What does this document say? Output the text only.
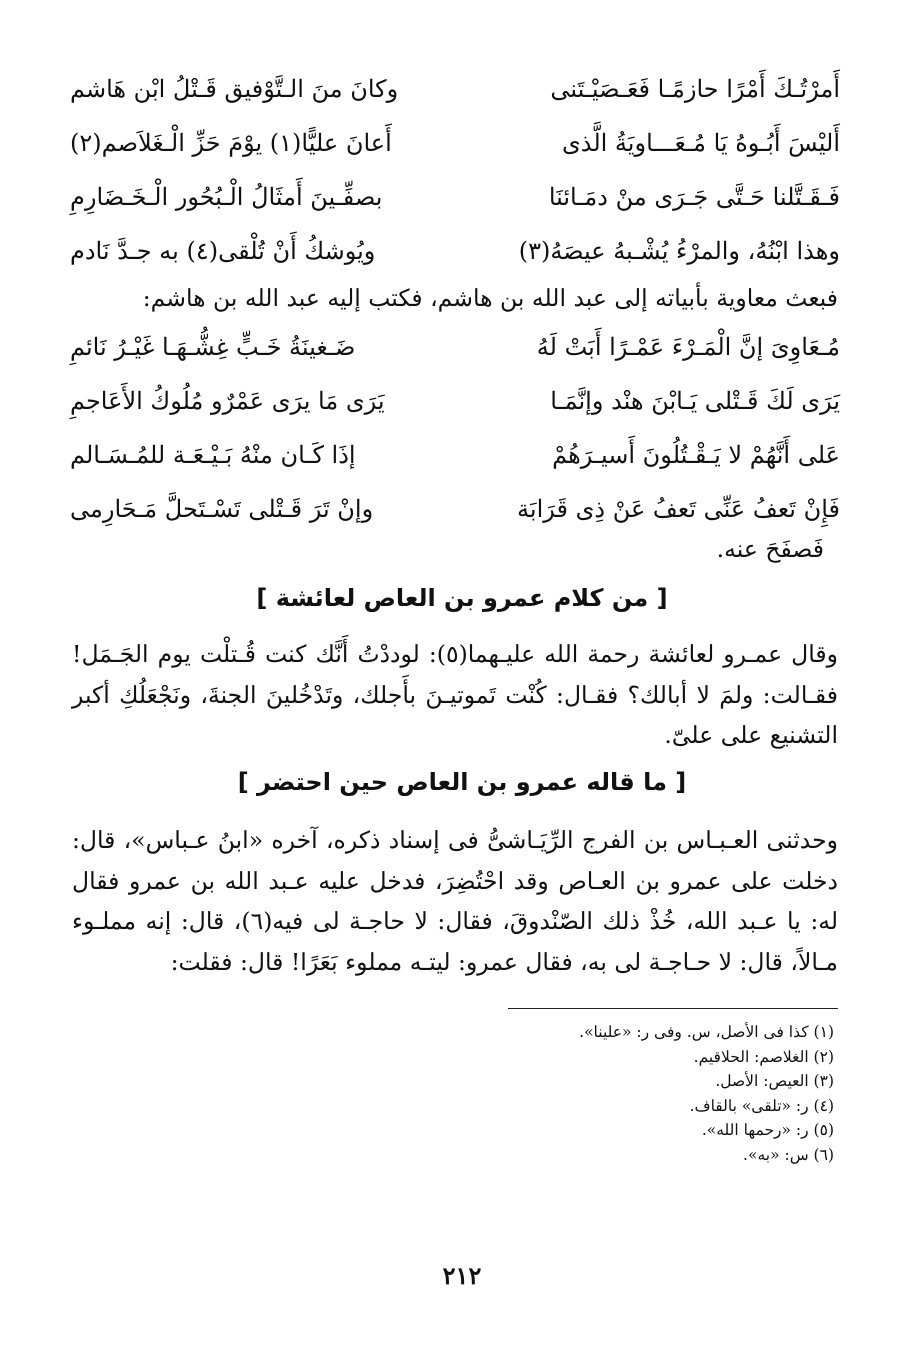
أَمرْتُـكَ أَمْرًا حازمًـا فَعَـصَيْـتَنى
وكانَ منَ الـتَّوْفيق قَـتْلُ ابْن هَاشم
أَليْسَ أَبُـوهُ يَا مُـعَـــاويَةُ الَّذى
أَعانَ عليًّا(١) يوْمَ حَزِّ الْـغَلاَصم(٢)
فَـقَـتَّلنا حَـتَّى جَـرَى منْ دمَـائنَا
بصفِّـينَ أَمثَالُ الْـبُحُور الْـخَـضَارِمِ
وهذا ابْنُهُ، والمرْءُ يُشْـبهُ عيصَهُ(٣)
ويُوشكُ أَنْ تُلْقى(٤) به جـدَّ نَادم
فبعث معاوية بأبياته إلى عبد الله بن هاشم، فكتب إليه عبد الله بن هاشم:
مُـعَاوِىَ إنَّ الْمَـرْءَ عَمْـرًا أَبَتْ لَهُ
ضَـغينَةُ خَـبٍّ غِشُّـهَـا غَيْـرُ نَائمِ
يَرَى لَكَ قَـتْلى يَـابْنَ هنْد وإنَّمَـا
يَرَى مَا يرَى عَمْرٌو مُلُوكُ الأَعَاجمِ
عَلى أَنَّهُمْ لا يَـقْـتُلُونَ أَسيـرَهُمْ
إذَا كَـان منْهُ بَـيْـعَـة للمُـسَـالم
فَإِنْ تَعفُ عَنِّى تَعفُ عَنْ ذِى قَرَابَة
وإنْ تَرَ قَـتْلى تَسْـتَحلَّ مَـحَارِمى
فَصفَحَ عنه.
[ من كلام عمرو بن العاص لعائشة ]
وقال عمـرو لعائشة رحمة الله عليـهما(٥): لوددْتُ أَنَّك كنت قُـتلْت يوم الجَـمَل! فقـالت: ولمَ لا أبالك؟ فقـال: كُنْت تَموتيـنَ بأَجلك، وتَدْخُلينَ الجنةَ، ونَجْعَلُكِ أكبر التشنيع على علىّ.
[ ما قاله عمرو بن العاص حين احتضر ]
وحدثنى العـبـاس بن الفرج الرِّيَـاشىُّ فى إسناد ذكره، آخره «ابنُ عـباس»، قال: دخلت على عمرو بن العـاص وقد احْتُضِرَ، فدخل عليه عـبد الله بن عمرو فقال له: يا عـبد الله، خُذْ ذلك الصّنْدوقَ، فقال: لا حاجـة لى فيه(٦)، قال: إنه مملـوء مـالاً، قال: لا حـاجـة لى به، فقال عمرو: ليتـه مملوء بَعَرًا! قال: فقلت:
(١) كذا فى الأصل، س. وفى ر: «علينا».
(٢) الغلاصم: الحلاقيم.
(٣) العيص: الأصل.
(٤) ر: «تلقى» بالقاف.
(٥) ر: «رحمها الله».
(٦) س: «به».
٢١٢
